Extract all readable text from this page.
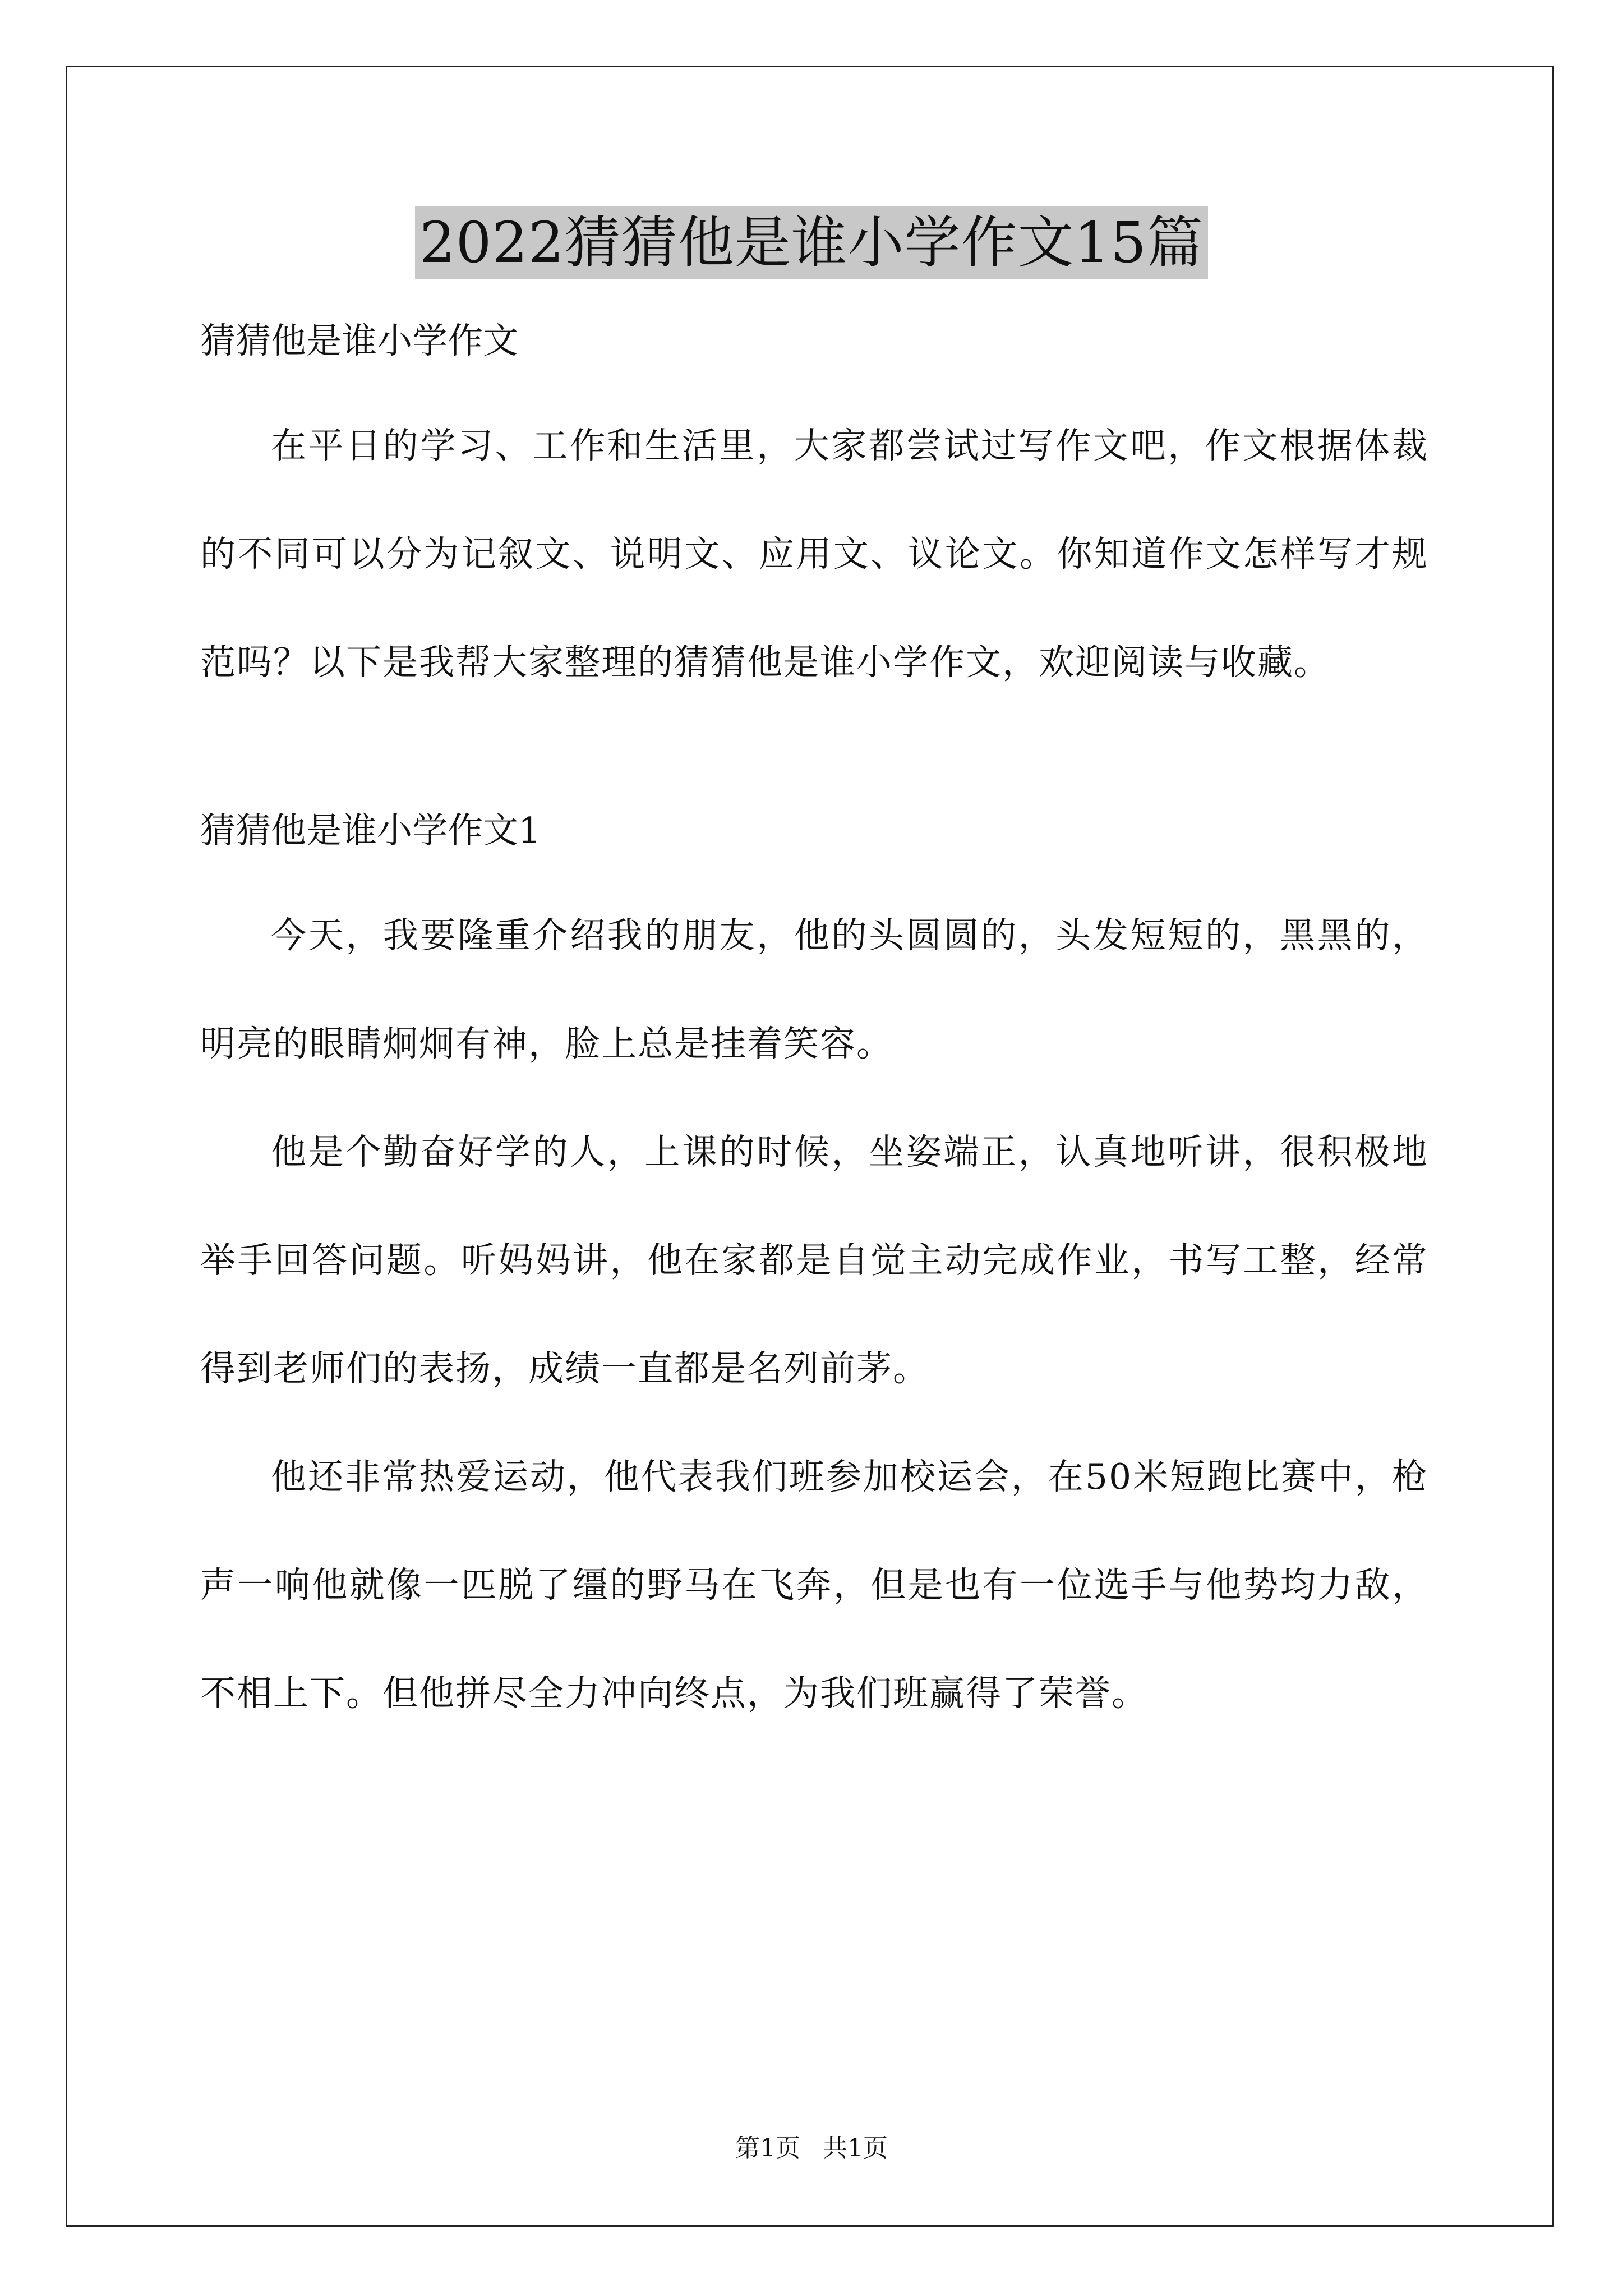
2022猜猜他是谁小学作文15篇

猜猜他是谁小学作文

在平日的学习、工作和生活里，大家都尝试过写作文吧，作文根据体裁的不同可以分为记叙文、说明文、应用文、议论文。你知道作文怎样写才规范吗？以下是我帮大家整理的猜猜他是谁小学作文，欢迎阅读与收藏。

猜猜他是谁小学作文1

今天，我要隆重介绍我的朋友，他的头圆圆的，头发短短的，黑黑的，明亮的眼睛炯炯有神，脸上总是挂着笑容。

他是个勤奋好学的人，上课的时候，坐姿端正，认真地听讲，很积极地举手回答问题。听妈妈讲，他在家都是自觉主动完成作业，书写工整，经常得到老师们的表扬，成绩一直都是名列前茅。

他还非常热爱运动，他代表我们班参加校运会，在50米短跑比赛中，枪声一响他就像一匹脱了缰的野马在飞奔，但是也有一位选手与他势均力敌，不相上下。但他拼尽全力冲向终点，为我们班赢得了荣誉。

第1页 共1页
